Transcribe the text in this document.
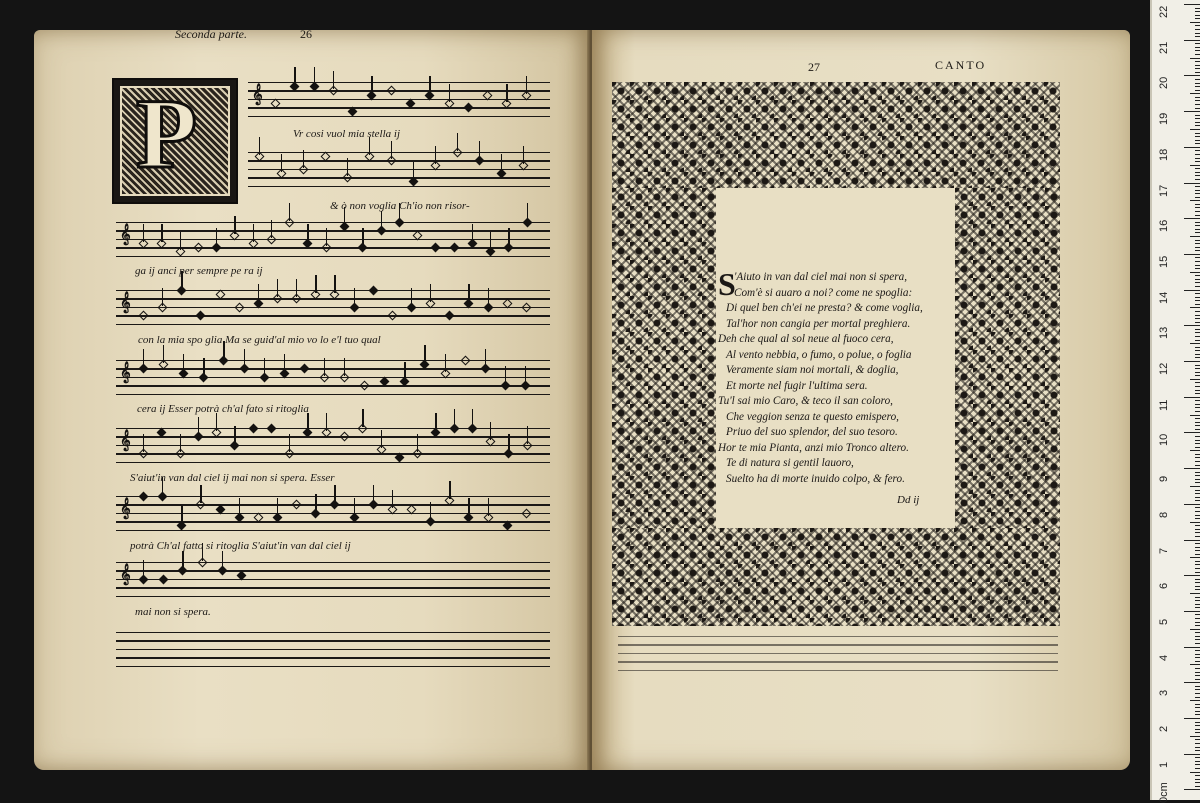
Seconda parte.	26
27	CANTO
P	𝄞
𝄞
𝄞
𝄞
𝄞
𝄞
𝄞
Vr cosi vuol mia stella ij
& ò non voglia Ch'io non risor-
ga ij anci per sempre pe ra ij
con la mia spo glia Ma se guid'al mio vo lo e'l tuo qual
cera ij Esser potrà ch'al fato si ritoglia
S'aiut'in van dal ciel ij mai non si spera. Esser
potrà Ch'al fatto si ritoglia S'aiut'in van dal ciel ij
mai non si spera.
S
'Aiuto in van dal ciel mai non si spera,
Com'è si auaro a noi? come ne spoglia:
Di quel ben ch'ei ne presta? & come voglia,
Tal'hor non cangia per mortal preghiera.
Deh che qual al sol neue al fuoco cera,
Al vento nebbia, o fumo, o polue, o foglia
Veramente siam noi mortali, & doglia,
Et morte nel fugir l'ultima sera.
Tu'l sai mio Caro, & teco il san coloro,
Che veggion senza te questo emispero,
Priuo del suo splendor, del suo tesoro.
Hor te mia Pianta, anzi mio Tronco altero.
Te di natura si gentil lauoro,
Suelto ha di morte inuido colpo, & fero.
Dd ij
22
21
20
19
18
17
16
15
14
13
12
11
10
9
8
7
6
5
4
3
2
1
0cm
